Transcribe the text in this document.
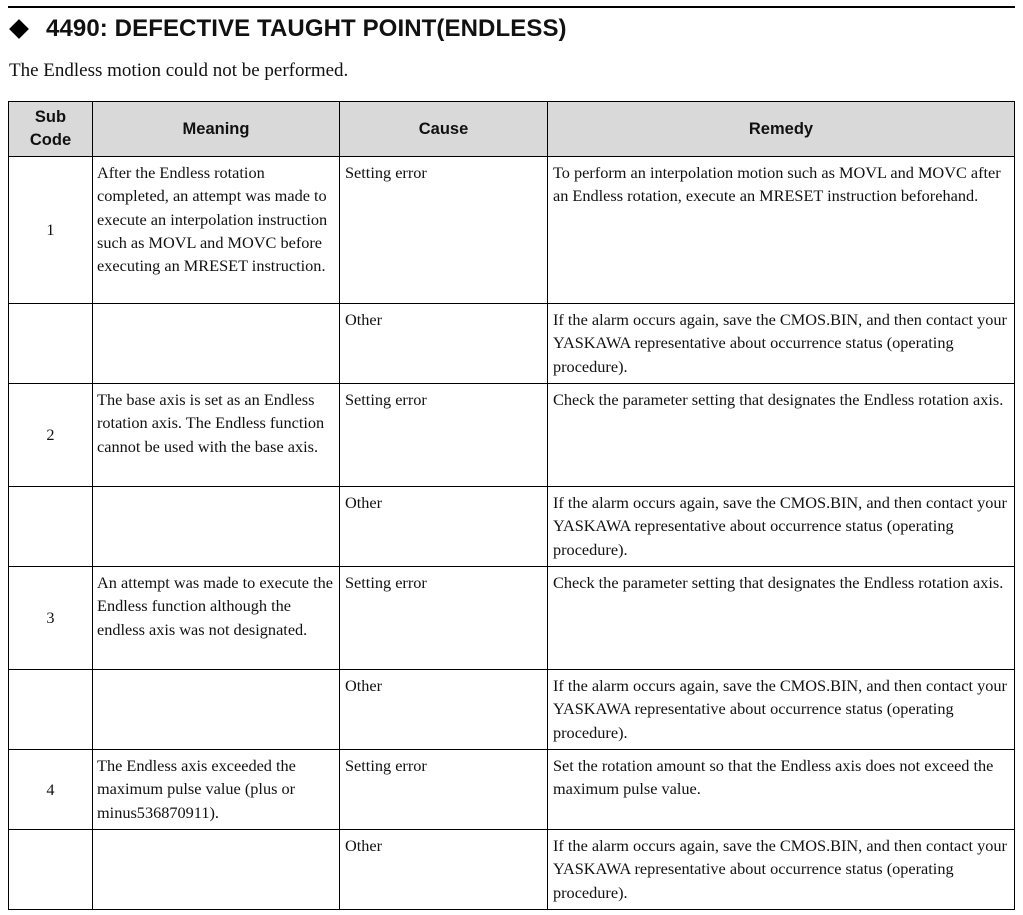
4490: DEFECTIVE TAUGHT POINT(ENDLESS)
The Endless motion could not be performed.
Sub Code	Meaning	Cause	Remedy
1	After the Endless rotation completed, an attempt was made to execute an interpolation instruction such as MOVL and MOVC before executing an MRESET instruction.	Setting error	To perform an interpolation motion such as MOVL and MOVC after an Endless rotation, execute an MRESET instruction beforehand.
		Other	If the alarm occurs again, save the CMOS.BIN, and then contact your YASKAWA representative about occurrence status (operating procedure).
2	The base axis is set as an Endless rotation axis. The Endless function cannot be used with the base axis.	Setting error	Check the parameter setting that designates the Endless rotation axis.
		Other	If the alarm occurs again, save the CMOS.BIN, and then contact your YASKAWA representative about occurrence status (operating procedure).
3	An attempt was made to execute the Endless function although the endless axis was not designated.	Setting error	Check the parameter setting that designates the Endless rotation axis.
		Other	If the alarm occurs again, save the CMOS.BIN, and then contact your YASKAWA representative about occurrence status (operating procedure).
4	The Endless axis exceeded the maximum pulse value (plus or minus536870911).	Setting error	Set the rotation amount so that the Endless axis does not exceed the maximum pulse value.
		Other	If the alarm occurs again, save the CMOS.BIN, and then contact your YASKAWA representative about occurrence status (operating procedure).
